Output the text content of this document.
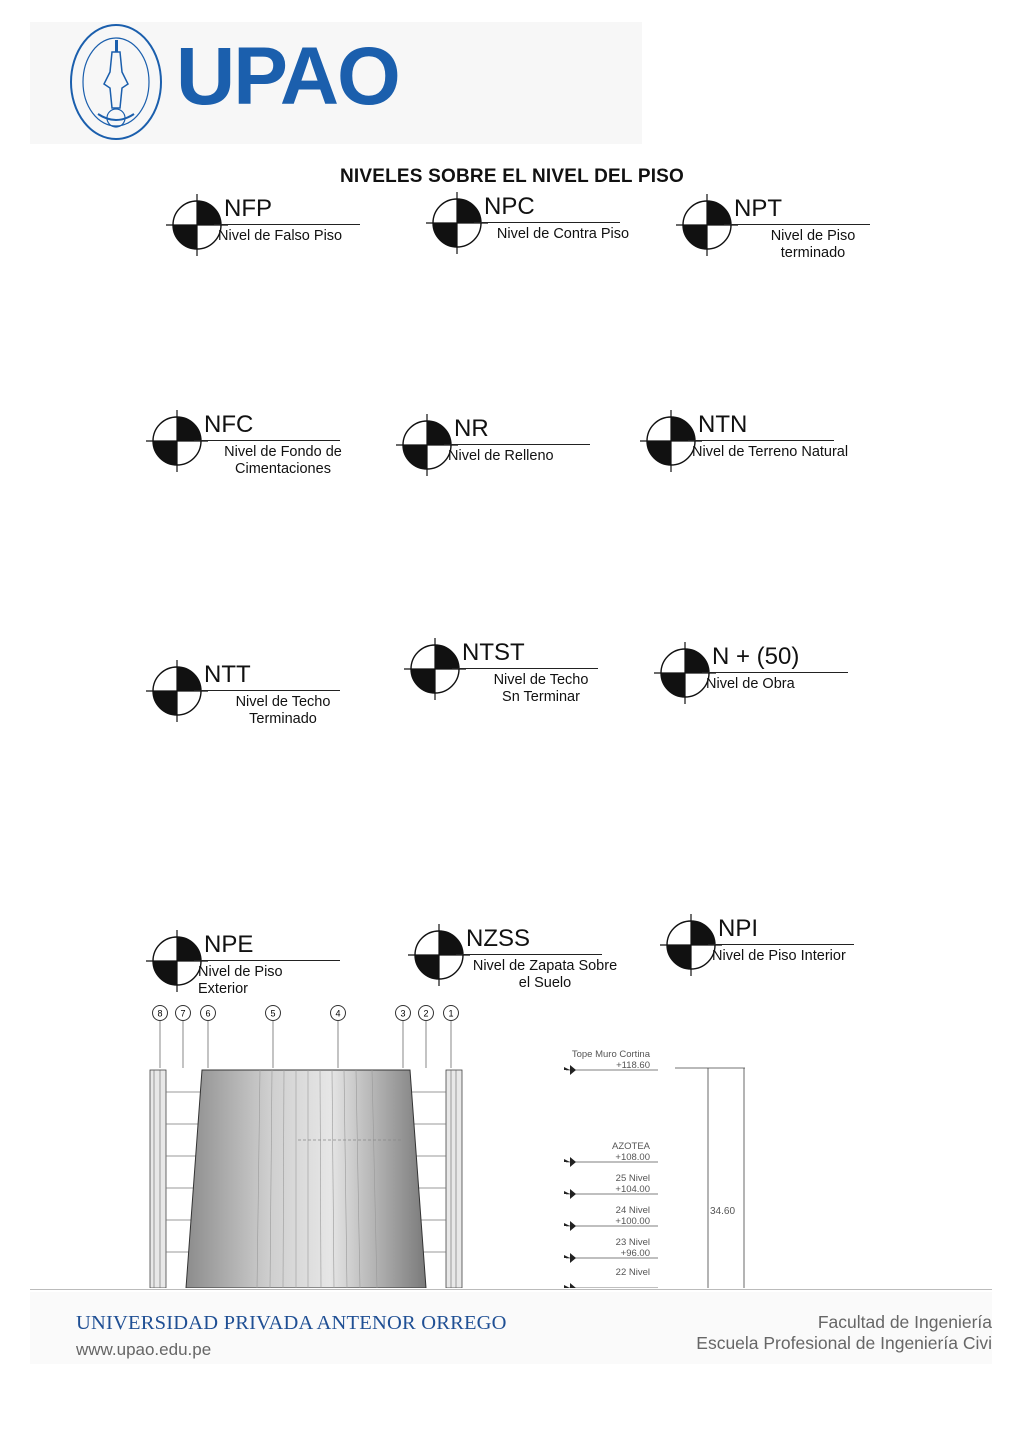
UPAO
NIVELES SOBRE EL NIVEL DEL PISO
NFP
Nivel de Falso Piso
NPC
Nivel de Contra Piso
NPT
Nivel de Piso
terminado
NFC
Nivel de Fondo de
Cimentaciones
NR
Nivel de Relleno
NTN
Nivel de Terreno Natural
NTT
Nivel de Techo
Terminado
NTST
Nivel de Techo
Sn Terminar
N + (50)
Nivel de Obra
NPE
Nivel de Piso
Exterior
NZSS
Nivel de Zapata Sobre
el Suelo
NPI
Nivel de Piso Interior
8 7 6	5	4	3 2 1
Tope Muro Cortina
+118.60
AZOTEA
+108.00
25 Nivel
+104.00
24 Nivel
+100.00
23 Nivel
+96.00
22 Nivel
34.60
UNIVERSIDAD PRIVADA ANTENOR ORREGO
www.upao.edu.pe
Facultad de Ingeniería
Escuela Profesional de Ingeniería Civi
